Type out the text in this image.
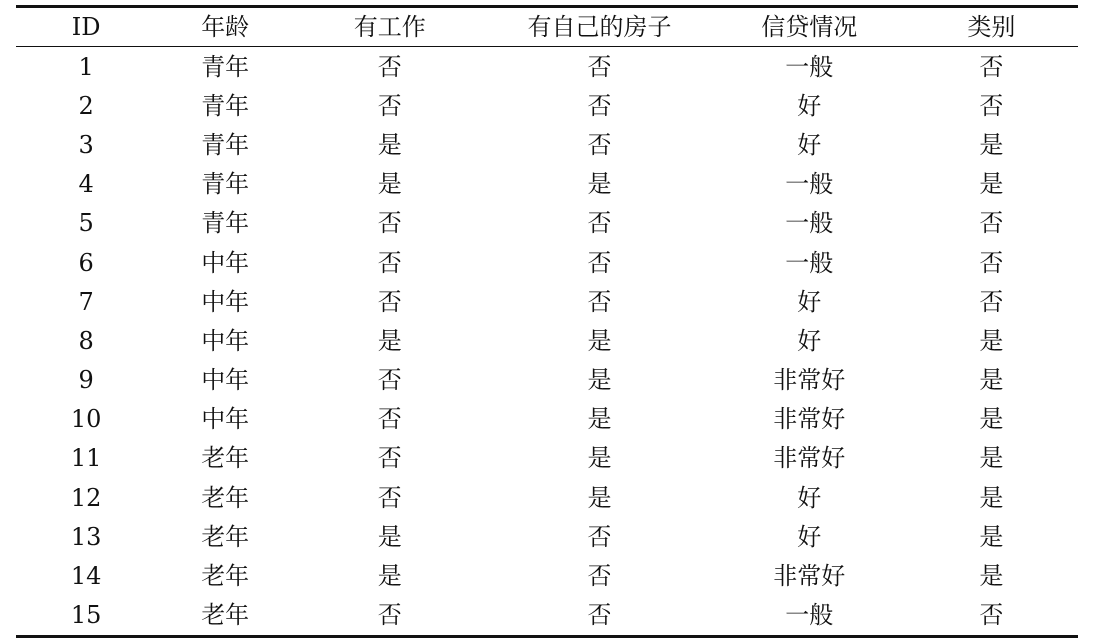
ID	年龄	有工作	有自己的房子	信贷情况	类别
1	青年	否	否	一般	否
2	青年	否	否	好	否
3	青年	是	否	好	是
4	青年	是	是	一般	是
5	青年	否	否	一般	否
6	中年	否	否	一般	否
7	中年	否	否	好	否
8	中年	是	是	好	是
9	中年	否	是	非常好	是
10	中年	否	是	非常好	是
11	老年	否	是	非常好	是
12	老年	否	是	好	是
13	老年	是	否	好	是
14	老年	是	否	非常好	是
15	老年	否	否	一般	否
